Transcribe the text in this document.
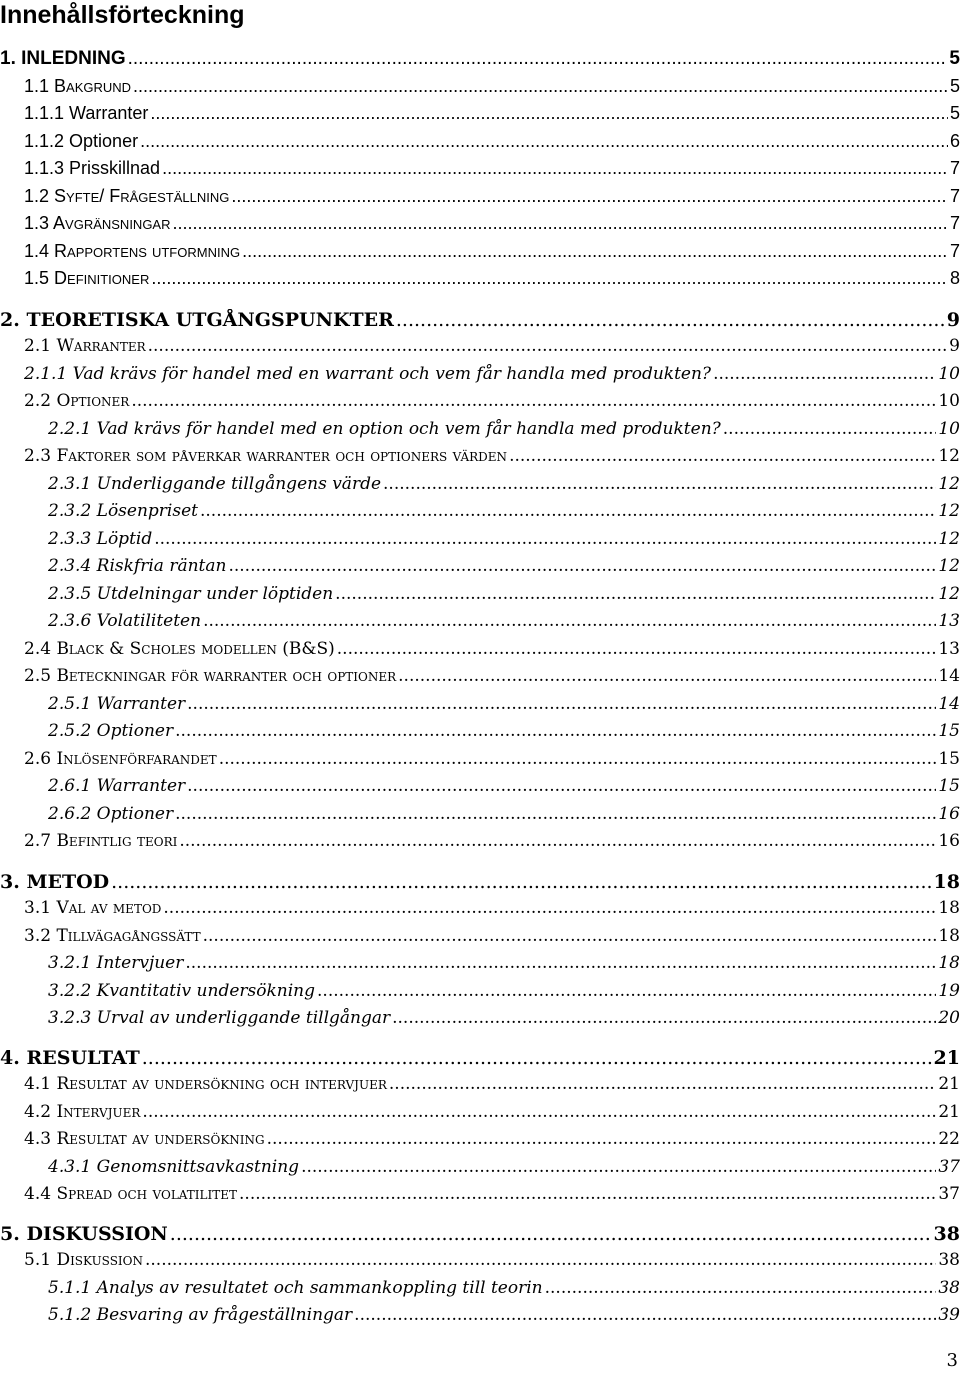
Innehållsförteckning
1. INLEDNING .....	5
1.1 Bakgrund .....	5
1.1.1 Warranter .....	5
1.1.2 Optioner .....	6
1.1.3 Prisskillnad .....	7
1.2 Syfte/ Frågeställning .....	7
1.3 Avgränsningar .....	7
1.4 Rapportens utformning .....	7
1.5 Definitioner .....	8
2. TEORETISKA UTGÅNGSPUNKTER .....	9
2.1 Warranter .....	9
2.1.1 Vad krävs för handel med en warrant och vem får handla med produkten? .....	10
2.2 Optioner .....	10
2.2.1 Vad krävs för handel med en option och vem får handla med produkten? .....	10
2.3 Faktorer som påverkar warranter och optioners värden .....	12
2.3.1 Underliggande tillgångens värde .....	12
2.3.2 Lösenpriset .....	12
2.3.3 Löptid .....	12
2.3.4 Riskfria räntan .....	12
2.3.5 Utdelningar under löptiden .....	12
2.3.6 Volatiliteten .....	13
2.4 Black & Scholes modellen (B&S) .....	13
2.5 Beteckningar för warranter och optioner .....	14
2.5.1 Warranter .....	14
2.5.2 Optioner .....	15
2.6 Inlösenförfarandet .....	15
2.6.1 Warranter .....	15
2.6.2 Optioner .....	16
2.7 Befintlig teori .....	16
3. METOD .....	18
3.1 Val av metod .....	18
3.2 Tillvägagångssätt .....	18
3.2.1 Intervjuer .....	18
3.2.2 Kvantitativ undersökning .....	19
3.2.3 Urval av underliggande tillgångar .....	20
4. RESULTAT .....	21
4.1 Resultat av undersökning och intervjuer .....	21
4.2 Intervjuer .....	21
4.3 Resultat av undersökning .....	22
4.3.1 Genomsnittsavkastning .....	37
4.4 Spread och volatilitet .....	37
5. DISKUSSION .....	38
5.1 Diskussion .....	38
5.1.1 Analys av resultatet och sammankoppling till teorin .....	38
5.1.2 Besvaring av frågeställningar .....	39
3
